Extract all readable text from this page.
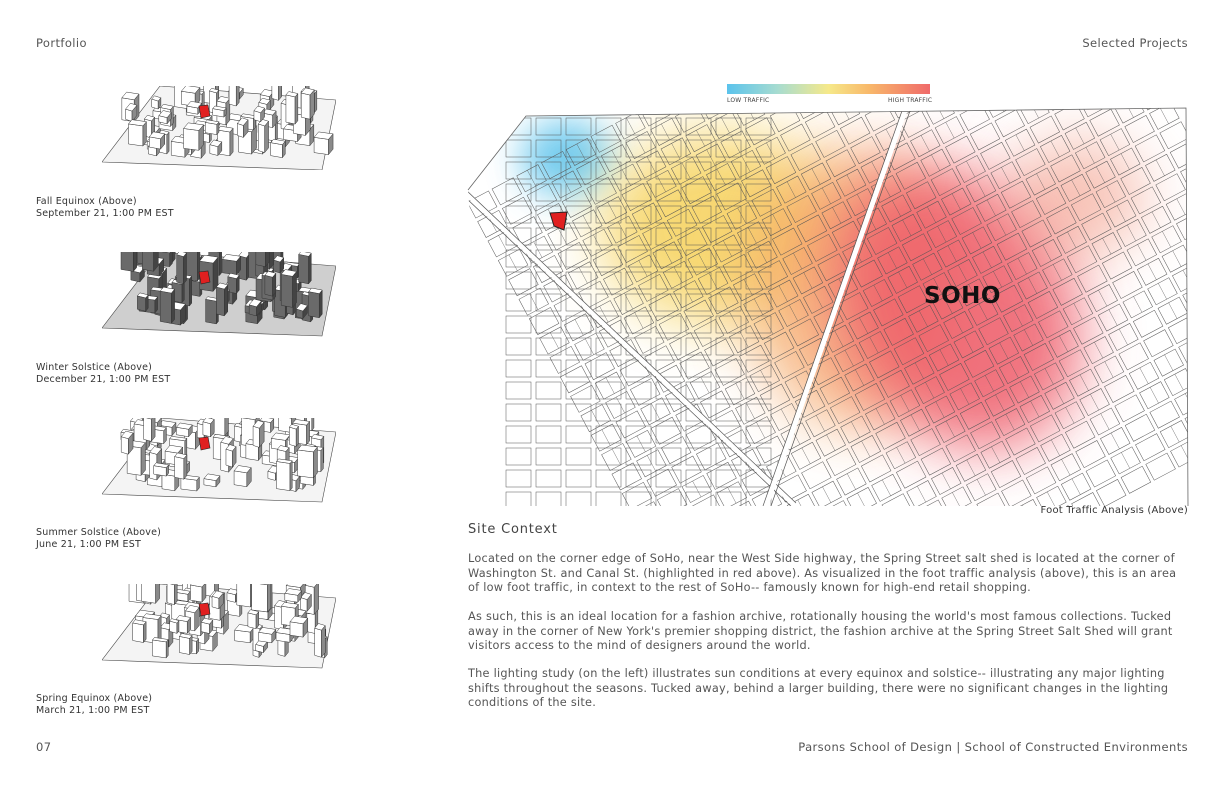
Portfolio	Selected Projects
Fall Equinox (Above)
September 21, 1:00 PM EST
Winter Solstice (Above)
December 21, 1:00 PM EST
Summer Solstice (Above)
June 21, 1:00 PM EST
Spring Equinox (Above)
March 21, 1:00 PM EST
LOW TRAFFIC	HIGH TRAFFIC
SOHO
Foot Traffic Analysis (Above)
Site Context

Located on the corner edge of SoHo, near the West Side highway, the Spring Street salt shed is located at the corner of Washington St. and Canal St. (highlighted in red above). As visualized in the foot traffic analysis (above), this is an area of low foot traffic, in context to the rest of SoHo-- famously known for high-end retail shopping.

As such, this is an ideal location for a fashion archive, rotationally housing the world's most famous collections. Tucked away in the corner of New York's premier shopping district, the fashion archive at the Spring Street Salt Shed will grant visitors access to the mind of designers around the world.

The lighting study (on the left) illustrates sun conditions at every equinox and solstice-- illustrating any major lighting shifts throughout the seasons. Tucked away, behind a larger building, there were no significant changes in the lighting conditions of the site.

07	Parsons School of Design | School of Constructed Environments
